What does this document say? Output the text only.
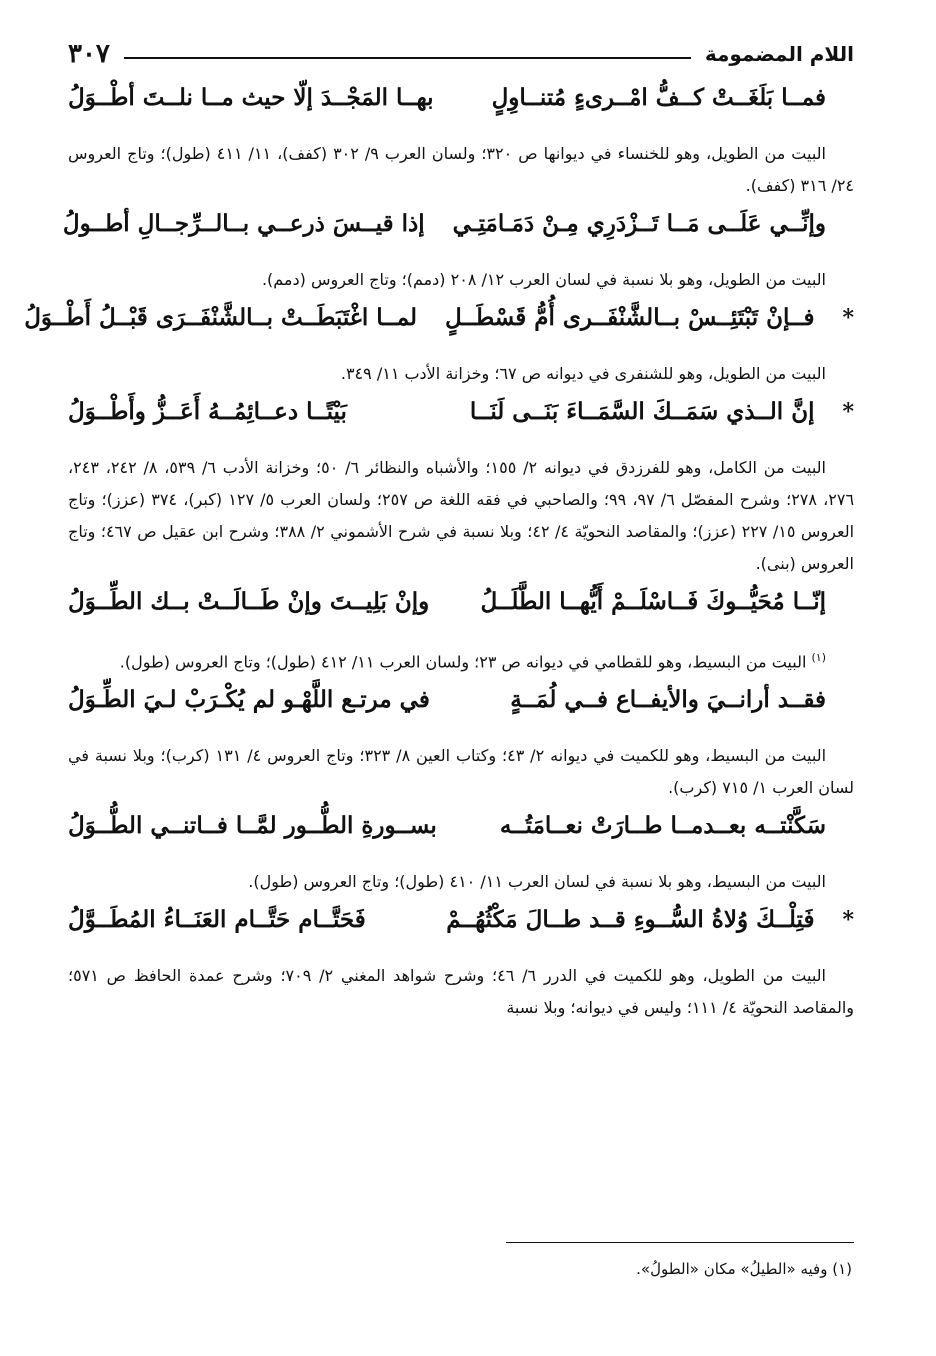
اللام المضمومة
٣٠٧
فمــا بَلَغَــتْ كــفُّ امْــرىءٍ مُتنــاوِلٍ
بهــا المَجْــدَ إلّا حيث مــا نلــتَ أطْــوَلُ

البيت من الطويل، وهو للخنساء في ديوانها ص ٣٢٠؛ ولسان العرب ٩/ ٣٠٢ (كفف)، ١١/ ٤١١ (طول)؛ وتاج العروس ٢٤/ ٣١٦ (كفف).

وإنِّــي عَلَــى مَــا تَــزْدَرِي مِـنْ دَمَـامَتِـي
إذا قيــسَ ذرعــي بــالــرِّجــالِ أطــولُ

البيت من الطويل، وهو بلا نسبة في لسان العرب ١٢/ ٢٠٨ (دمم)؛ وتاج العروس (دمم).

*
فــإنْ تَبْتَئِــسْ بــالشَّنْفَــرى أُمُّ قَسْطَــلٍ
لمــا اغْتَبَطَــتْ بــالشَّنْفَــرَى قَبْــلُ أَطْــوَلُ

البيت من الطويل، وهو للشنفرى في ديوانه ص ٦٧؛ وخزانة الأدب ١١/ ٣٤٩.

*
إنَّ الــذي سَمَــكَ السَّمَــاءَ بَنَــى لَنَــا
بَيْتًــا دعــائِمُــهُ أَعَــزُّ وأَطْــوَلُ

البيت من الكامل، وهو للفرزدق في ديوانه ٢/ ١٥٥؛ والأشباه والنظائر ٦/ ٥٠؛ وخزانة الأدب ٦/ ٥٣٩، ٨/ ٢٤٢، ٢٤٣، ٢٧٦، ٢٧٨؛ وشرح المفصّل ٦/ ٩٧، ٩٩؛ والصاحبي في فقه اللغة ص ٢٥٧؛ ولسان العرب ٥/ ١٢٧ (كبر)، ٣٧٤ (عزز)؛ وتاج العروس ١٥/ ٢٢٧ (عزز)؛ والمقاصد النحويّة ٤/ ٤٢؛ وبلا نسبة في شرح الأشموني ٢/ ٣٨٨؛ وشرح ابن عقيل ص ٤٦٧؛ وتاج العروس (بنى).

إنّــا مُحَيُّــوكَ فَــاسْلَــمْ أَيُّهــا الطَّلَــلُ
وإنْ بَلِيــتَ وإنْ طَــالَــتْ بــك الطِّــوَلُ

$^{(١)}$ البيت من البسيط، وهو للقطامي في ديوانه ص ٢٣؛ ولسان العرب ١١/ ٤١٢ (طول)؛ وتاج العروس (طول).

فقــد أرانــيَ والأيفــاع فــي لُمَــةٍ
في مرتـع اللَّهْـو لم يُكْـرَبْ لـيَ الطِّـوَلُ

البيت من البسيط، وهو للكميت في ديوانه ٢/ ٤٣؛ وكتاب العين ٨/ ٣٢٣؛ وتاج العروس ٤/ ١٣١ (كرب)؛ وبلا نسبة في لسان العرب ١/ ٧١٥ (كرب).

سَكَّنْتــه بعــدمــا طــارَتْ نعــامَتُــه
بســورةِ الطُّــور لمَّــا فــاتنــي الطُّــوَلُ

البيت من البسيط، وهو بلا نسبة في لسان العرب ١١/ ٤١٠ (طول)؛ وتاج العروس (طول).

*
فَتِلْــكَ وُلاةُ السُّــوءِ قــد طــالَ مَكْثُهُــمْ
فَحَتَّــام حَتَّــام العَنَــاءُ المُطَــوَّلُ

البيت من الطويل، وهو للكميت في الدرر ٦/ ٤٦؛ وشرح شواهد المغني ٢/ ٧٠٩؛ وشرح عمدة الحافظ ص ٥٧١؛ والمقاصد النحويّة ٤/ ١١١؛ وليس في ديوانه؛ وبلا نسبة

(١) وفيه «الطيلُ» مكان «الطولُ».
